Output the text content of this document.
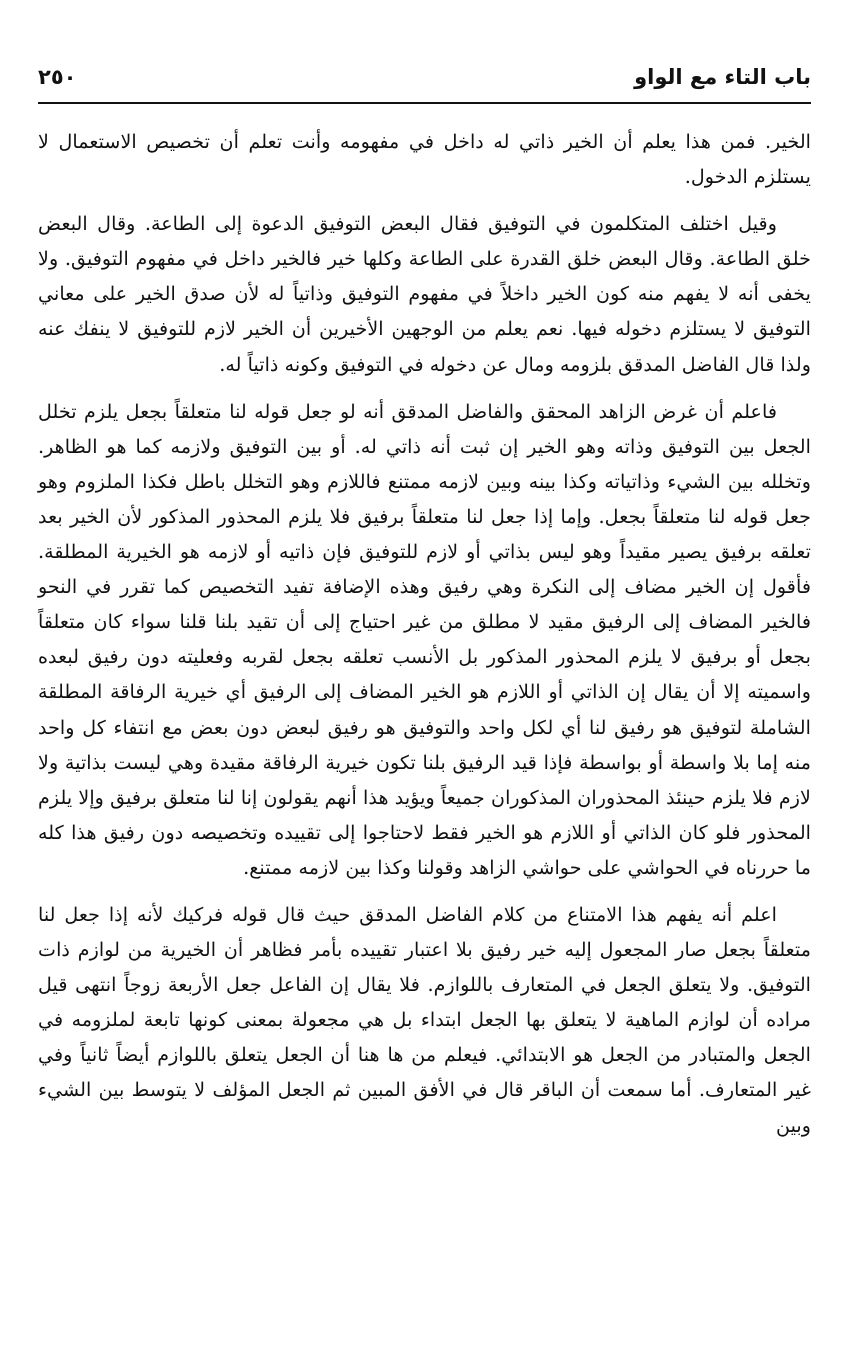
باب التاء مع الواو
٢٥٠

الخير. فمن هذا يعلم أن الخير ذاتي له داخل في مفهومه وأنت تعلم أن تخصيص الاستعمال لا يستلزم الدخول.

وقيل اختلف المتكلمون في التوفيق فقال البعض التوفيق الدعوة إلى الطاعة. وقال البعض خلق الطاعة. وقال البعض خلق القدرة على الطاعة وكلها خير فالخير داخل في مفهوم التوفيق. ولا يخفى أنه لا يفهم منه كون الخير داخلاً في مفهوم التوفيق وذاتياً له لأن صدق الخير على معاني التوفيق لا يستلزم دخوله فيها. نعم يعلم من الوجهين الأخيرين أن الخير لازم للتوفيق لا ينفك عنه ولذا قال الفاضل المدقق بلزومه ومال عن دخوله في التوفيق وكونه ذاتياً له.

فاعلم أن غرض الزاهد المحقق والفاضل المدقق أنه لو جعل قوله لنا متعلقاً بجعل يلزم تخلل الجعل بين التوفيق وذاته وهو الخير إن ثبت أنه ذاتي له. أو بين التوفيق ولازمه كما هو الظاهر. وتخلله بين الشيء وذاتياته وكذا بينه وبين لازمه ممتنع فاللازم وهو التخلل باطل فكذا الملزوم وهو جعل قوله لنا متعلقاً بجعل. وإما إذا جعل لنا متعلقاً برفيق فلا يلزم المحذور المذكور لأن الخير بعد تعلقه برفيق يصير مقيداً وهو ليس بذاتي أو لازم للتوفيق فإن ذاتيه أو لازمه هو الخيرية المطلقة. فأقول إن الخير مضاف إلى النكرة وهي رفيق وهذه الإضافة تفيد التخصيص كما تقرر في النحو فالخير المضاف إلى الرفيق مقيد لا مطلق من غير احتياج إلى أن تقيد بلنا قلنا سواء كان متعلقاً بجعل أو برفيق لا يلزم المحذور المذكور بل الأنسب تعلقه بجعل لقربه وفعليته دون رفيق لبعده واسميته إلا أن يقال إن الذاتي أو اللازم هو الخير المضاف إلى الرفيق أي خيرية الرفاقة المطلقة الشاملة لتوفيق هو رفيق لنا أي لكل واحد والتوفيق هو رفيق لبعض دون بعض مع انتفاء كل واحد منه إما بلا واسطة أو بواسطة فإذا قيد الرفيق بلنا تكون خيرية الرفاقة مقيدة وهي ليست بذاتية ولا لازم فلا يلزم حينئذ المحذوران المذكوران جميعاً ويؤيد هذا أنهم يقولون إنا لنا متعلق برفيق وإلا يلزم المحذور فلو كان الذاتي أو اللازم هو الخير فقط لاحتاجوا إلى تقييده وتخصيصه دون رفيق هذا كله ما حررناه في الحواشي على حواشي الزاهد وقولنا وكذا بين لازمه ممتنع.

اعلم أنه يفهم هذا الامتناع من كلام الفاضل المدقق حيث قال قوله فركيك لأنه إذا جعل لنا متعلقاً بجعل صار المجعول إليه خير رفيق بلا اعتبار تقييده بأمر فظاهر أن الخيرية من لوازم ذات التوفيق. ولا يتعلق الجعل في المتعارف باللوازم. فلا يقال إن الفاعل جعل الأربعة زوجاً انتهى قيل مراده أن لوازم الماهية لا يتعلق بها الجعل ابتداء بل هي مجعولة بمعنى كونها تابعة لملزومه في الجعل والمتبادر من الجعل هو الابتدائي. فيعلم من ها هنا أن الجعل يتعلق باللوازم أيضاً ثانياً وفي غير المتعارف. أما سمعت أن الباقر قال في الأفق المبين ثم الجعل المؤلف لا يتوسط بين الشيء وبين
